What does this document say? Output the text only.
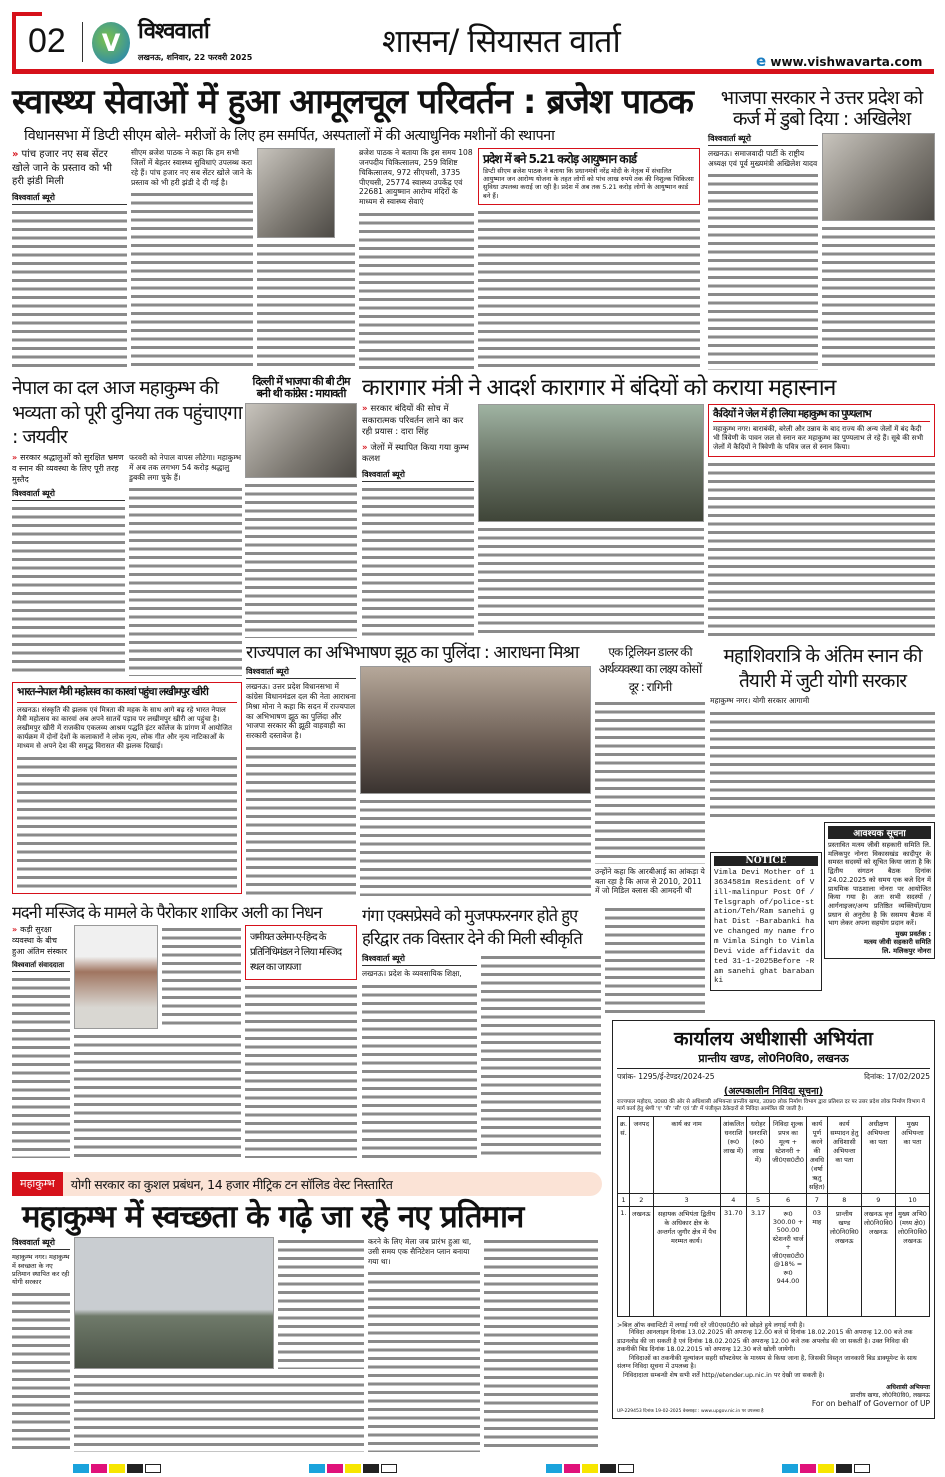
02	V विश्ववार्ता
लखनऊ, शनिवार, 22 फरवरी 2025	शासन/ सियासत वार्ता
e www.vishwavarta.com
स्वास्थ्य सेवाओं में हुआ आमूलचूल परिवर्तन : ब्रजेश पाठक
विधानसभा में डिप्टी सीएम बोले- मरीजों के लिए हम समर्पित, अस्पतालों में की अत्याधुनिक मशीनों की स्थापना
» पांच हजार नए सब सेंटर खोले जाने के प्रस्ताव को भी हरी झंडी मिली
विश्ववार्ता ब्यूरो
सीएम ब्रजेश पाठक ने कहा कि हम सभी जिलों में बेहतर स्वास्थ्य सुविधाएं उपलब्ध करा रहे हैं। पांच हजार नए सब सेंटर खोले जाने के प्रस्ताव को भी हरी झंडी दे दी गई है।
ब्रजेश पाठक ने बताया कि इस समय 108 जनपदीय चिकित्सालय, 259 विशिष्ट चिकित्सालय, 972 सीएचसी, 3735 पीएचसी, 25774 स्वास्थ्य उपकेंद्र एवं 22681 आयुष्मान आरोग्य मंदिरों के माध्यम से स्वास्थ्य सेवाएं
प्रदेश में बने 5.21 करोड़ आयुष्मान कार्ड
डिप्टी सीएम ब्रजेश पाठक ने बताया कि प्रधानमंत्री नरेंद्र मोदी के नेतृत्व में संचालित आयुष्मान जन आरोग्य योजना के तहत लोगों को पांच लाख रुपये तक की निशुल्क चिकित्सा सुविधा उपलब्ध कराई जा रही है। प्रदेश में अब तक 5.21 करोड़ लोगों के आयुष्मान कार्ड बने हैं।
भाजपा सरकार ने उत्तर प्रदेश को कर्ज में डुबो दिया : अखिलेश
विश्ववार्ता ब्यूरो
लखनऊ। समाजवादी पार्टी के राष्ट्रीय अध्यक्ष एवं पूर्व मुख्यमंत्री अखिलेश यादव
नेपाल का दल आज महाकुम्भ की भव्यता को पूरी दुनिया तक पहुंचाएगा : जयवीर
» सरकार श्रद्धालुओं को सुरक्षित भ्रमण व स्नान की व्यवस्था के लिए पूरी तरह मुस्तैद
विश्ववार्ता ब्यूरो
फरवरी को नेपाल वापस लौटेगा। महाकुम्भ में अब तक लगभग 54 करोड़ श्रद्धालु डुबकी लगा चुके हैं।
दिल्ली में भाजपा की बी टीम बनी थी कांग्रेस : मायावती कारागार मंत्री ने आदर्श कारागार में बंदियों को कराया महास्नान
» सरकार बंदियों की सोच में सकारात्मक परिवर्तन लाने का कर रही प्रयास : दारा सिंह
» जेलों में स्थापित किया गया कुम्भ कलश
विश्ववार्ता ब्यूरो
कैदियों ने जेल में ही लिया महाकुम्भ का पुण्यलाभ
महाकुम्भ नगर। बाराबंकी, बरेली और उन्नाव के बाद राज्य की अन्य जेलों में बंद कैदी भी त्रिवेणी के पावन जल से स्नान कर महाकुम्भ का पुण्यलाभ ले रहे हैं। सूबे की सभी जेलों में कैदियों ने त्रिवेणी के पवित्र जल से स्नान किया।
भारत-नेपाल मैत्री महोत्सव का कारवां पहुंचा लखीमपुर खीरी
लखनऊ। संस्कृति की झलक एवं मित्रता की महक के साथ आगे बढ़ रहे भारत नेपाल मैत्री महोत्सव का कारवां अब अपने सातवें पड़ाव पर लखीमपुर खीरी आ पहुंचा है। लखीमपुर खीरी में राजकीय एकलव्य आश्रम पद्धति इंटर कॉलेज के प्रांगण में आयोजित कार्यक्रम में दोनों देशों के कलाकारों ने लोक नृत्य, लोक गीत और नृत्य नाटिकाओं के माध्यम से अपने देश की समृद्ध विरासत की झलक दिखाई।
राज्यपाल का अभिभाषण झूठ का पुलिंदा : आराधना मिश्रा
विश्ववार्ता ब्यूरो
लखनऊ। उत्तर प्रदेश विधानसभा में कांग्रेस विधानमंडल दल की नेता आराधना मिश्रा मोना ने कहा कि सदन में राज्यपाल का अभिभाषण झूठ का पुलिंदा और भाजपा सरकार की झूठी वाहवाही का सरकारी दस्तावेज है।
एक ट्रिलियन डालर की अर्थव्यवस्था का लक्ष्य कोसों दूर : रागिनी
उन्होंने कहा कि आरबीआई का आंकड़ा ये बता रहा है कि आज से 2010, 2011 में जो मिडिल क्लास की आमदनी थी
महाशिवरात्रि के अंतिम स्नान की तैयारी में जुटी योगी सरकार
महाकुम्भ नगर। योगी सरकार आगामी
NOTICE
Vimla Devi Mother of 13634581m Resident of Vill-malinpur Post Of /Telsgraph of/police-station/Teh/Ram sanehi ghat Dist -Barabanki have changed my name from Vimla Singh to Vimla Devi vide affidavit dated 31-1-2025Before -Ram sanehi ghat barabanki
आवश्यक सूचना
प्रस्तावित मत्स्य जीवी सहकारी समिति लि. मलिकपुर नोनरा विकासखंड कादीपुर के समस्त सदस्यों को सूचित किया जाता है कि द्वितीय संगठन बैठक दिनांक 24.02.2025 को समय एक बजे दिन में प्राथमिक पाठशाला नोनरा पर आयोजित किया गया है। अतः सभी सदस्यों /आर्गनाइजर/अन्य प्रतिष्ठित व्यक्तियों/ग्राम प्रधान से अनुरोध है कि ससमय बैठक में भाग लेकर अपना सहयोग प्रदान करें।
मुख्य प्रवर्तक :
मत्स्य जीवी सहकारी समिति
लि. मलिकपुर नोनरा
मदनी मस्जिद के मामले के पैरोकार शाकिर अली का निधन
» कड़ी सुरक्षा व्यवस्था के बीच हुआ अंतिम संस्कार
विश्ववार्ता संवाददाता
जमीयत उलेमा-ए-हिन्द के प्रतिनिधिमंडल ने लिया मस्जिद स्थल का जायजा
गंगा एक्सप्रेसवे को मुजफ्फरनगर होते हुए हरिद्वार तक विस्तार देने की मिली स्वीकृति
विश्ववार्ता ब्यूरो
लखनऊ। प्रदेश के व्यवसायिक शिक्षा,
कार्यालय अधीशासी अभियंता
प्रान्तीय खण्ड, लो0नि0वि0, लखनऊ
पत्रांक- 1295/ई-टेण्डर/2024-25	दिनांक: 17/02/2025
(अल्पकालीन निविदा सूचना)
राज्यपाल महोदय, उ0प्र0 की ओर से अधिशासी अभियन्ता प्रान्तीय खण्ड, उ0प्र0 लोक निर्माण विभाग द्वारा प्रतिशत दर पर उत्तर प्रदेश लोक निर्माण विभाग में मार्ग कार्य हेतु श्रेणी 'ए' 'बी' 'सी' एवं 'डी' में पंजीकृत ठेकेदारों से निविदा आमंत्रित की जाती है।
क्र. सं.	जनपद	कार्य का नाम	आंकलित धनराशि (रू0 लाख में)	धरोहर धनराशि (रू0 लाख में)	निविदा शुल्क प्रपत्र का मूल्य + स्टेशनरी + जी0एस0टी0	कार्य पूर्ण करने की अवधि (वर्षा ऋतु सहित)	कार्य सम्पादन हेतु अधिशासी अभियन्ता का पता	अधीक्षण अभियन्ता का पता	मुख्य अभियन्ता का पता
1	2	3	4	5	6	7	8	9	10
1.	लखनऊ	सहायक अभियंता द्वितीय के अधिकार क्षेत्र के अन्तर्गत जुगौर क्षेत्र में पैच मरम्मत कार्य।	31.70	3.17	रू0 300.00 + 500.00 स्टेशनरी चार्ज + जी0एस0टी0 @18% = रू0 944.00	03 माह	प्रान्तीय खण्ड लो0नि0वि0 लखनऊ	लखनऊ वृत्त लो0नि0वि0 लखनऊ	मुख्य अभि0 (मध्य क्षे0) लो0नि0वि0 लखनऊ
>बिल ऑफ क्वान्टिटी में लगाई गयी दरें जी0एस0टी0 को छोड़ते हुये लगाई गयी है।
निविदा आनलाइन दिनांक 13.02.2025 की अपरान्ह 12.00 बजे से दिनांक 18.02.2015 की अपरान्ह 12.00 बजे तक डाउनलोड की जा सकती है एवं दिनांक 18.02.2025 की अपरान्ह 12.00 बजे तक अपलोड की जा सकती है। उक्त निविदा की तकनीकी बिड दिनांक 18.02.2015 को अपरान्ह 12.30 बजे खोली जायेगी।
निविदाओं का तकनीकी मूल्यांकन सहरी सॉफ्टवेयर के माध्यम से किया जाना है, जिसकी विस्तृत जानकारी बिड डाक्यूमेन्ट के साथ संलग्न निविदा सूचना में उपलब्ध है।
निविदादाता सम्बन्धी शेष सभी शर्तें http//etender.up.nic.in पर देखी जा सकती है।
अधिशासी अभियन्ता
प्रान्तीय खण्ड, लो0नि0वि0, लखनऊ
For on behalf of Governor of UP
UP-229453 दिनांक 19-02-2025 वेबसाइट : www.upgov.nic.in पर उपलब्ध है
महाकुम्भ	योगी सरकार का कुशल प्रबंधन, 14 हजार मीट्रिक टन सॉलिड वेस्ट निस्तारित
महाकुम्भ में स्वच्छता के गढ़े जा रहे नए प्रतिमान
विश्ववार्ता ब्यूरो
महाकुम्भ नगर। महाकुम्भ में स्वच्छता के नए प्रतिमान स्थापित कर रही योगी सरकार
करने के लिए मेला जब प्रारंभ हुआ था, उसी समय एक सैनिटेशन प्लान बनाया गया था।
